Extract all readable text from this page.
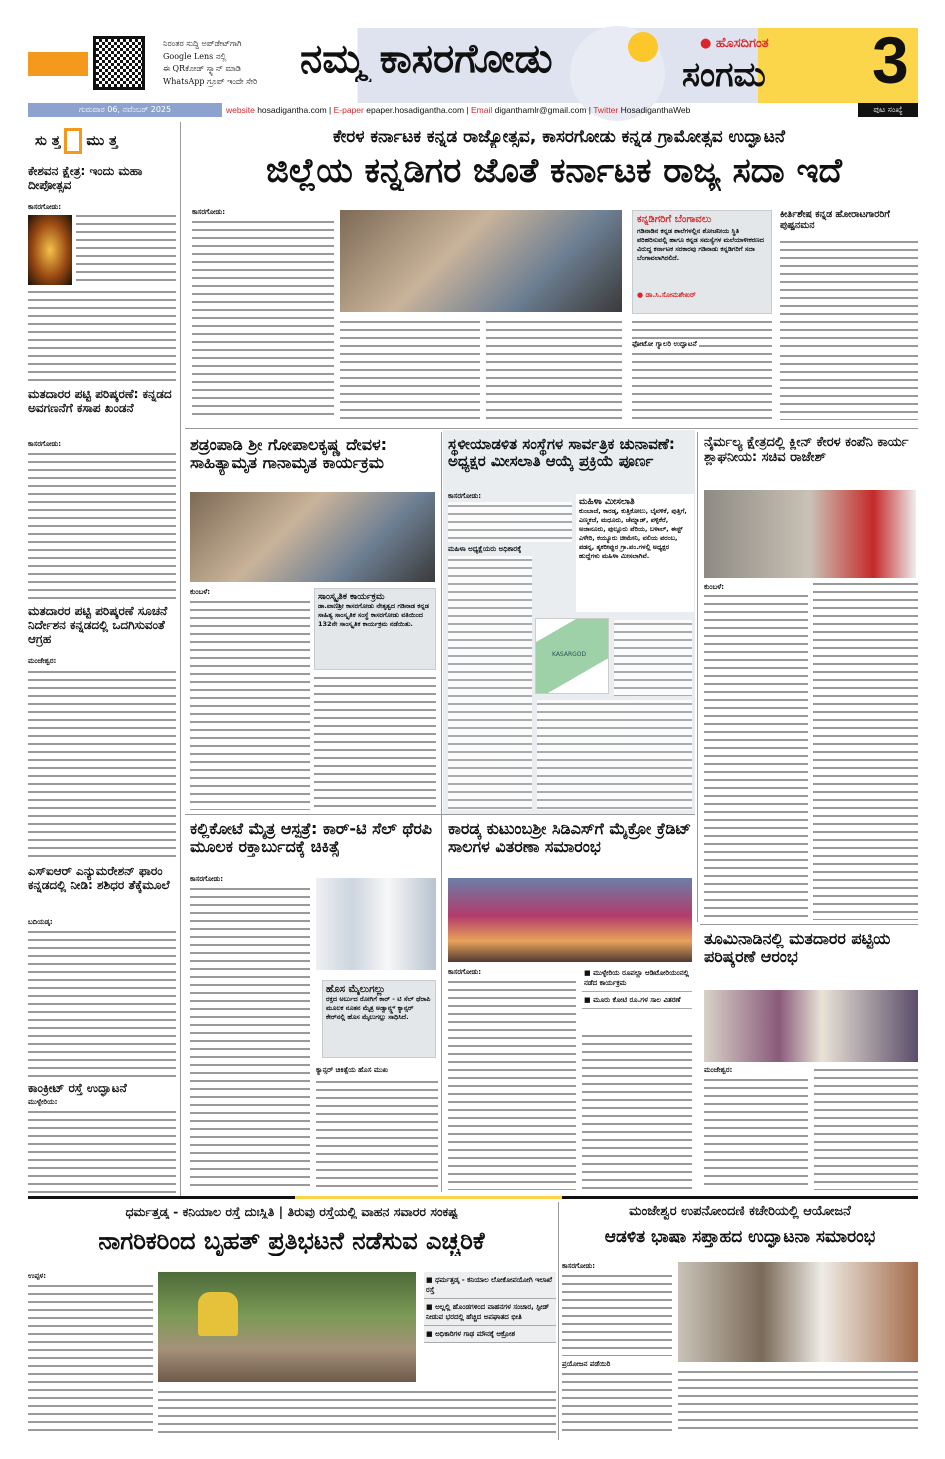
ನಿರಂತರ ಸುದ್ದಿ ಅಪ್‌ಡೇಟ್‌ಗಾಗಿ
Google Lens ನಲ್ಲಿ
ಈ QRಕೋಡ್ ಸ್ಕ್ಯಾನ್ ಮಾಡಿ
WhatsApp ಗ್ರೂಪ್ ಇಂದೇ ಸೇರಿ ನಮ್ಮ ಕಾಸರಗೋಡು	● ಹೊಸದಿಗಂತ
ಸಂಗಮ	3
ಗುರುವಾರ 06, ನವೆಂಬರ್ 2025	website hosadigantha.com | E-paper epaper.hosadigantha.com | Email diganthamlr@gmail.com | Twitter HosadiganthaWeb	ಪುಟ ಸಂಖ್ಯೆ
ಸು ತ್ತ ಮು ತ್ತ
ಕೇಶವನ ಕ್ಷೇತ್ರ: ಇಂದು ಮಹಾ ದೀಪೋತ್ಸವ
ಕಾಸರಗೋಡು:
ಮತದಾರರ ಪಟ್ಟಿ ಪರಿಷ್ಕರಣೆ: ಕನ್ನಡದ ಅವಗಣನೆಗೆ ಕಸಾಪ ಖಂಡನೆ
ಕಾಸರಗೋಡು:
ಮತದಾರರ ಪಟ್ಟಿ ಪರಿಷ್ಕರಣೆ ಸೂಚನೆ ನಿರ್ದೇಶನ ಕನ್ನಡದಲ್ಲಿ ಒದಗಿಸುವಂತೆ ಆಗ್ರಹ
ಮಂಜೇಶ್ವರ:
ಎಸ್‌ಐಆರ್ ಎನ್ಯುಮರೇಶನ್ ಫಾರಂ ಕನ್ನಡದಲ್ಲಿ ನೀಡಿ: ಶಶಿಧರ ತೆಕ್ಕೆಮೂಲೆ
ಬದಿಯಡ್ಕ:
ಕಾಂಕ್ರೀಟ್ ರಸ್ತೆ ಉದ್ಘಾಟನೆ
ಮುಳ್ಳೇರಿಯ:
ಕೇರಳ ಕರ್ನಾಟಕ ಕನ್ನಡ ರಾಜ್ಯೋತ್ಸವ, ಕಾಸರಗೋಡು ಕನ್ನಡ ಗ್ರಾಮೋತ್ಸವ ಉದ್ಘಾಟನೆ
ಜಿಲ್ಲೆಯ ಕನ್ನಡಿಗರ ಜೊತೆ ಕರ್ನಾಟಕ ರಾಜ್ಯ ಸದಾ ಇದೆ
ಕಾಸರಗೋಡು:
ಕನ್ನಡಿಗರಿಗೆ ಬೆಂಗಾವಲು
ಗಡಿನಾಡಿನ ಕನ್ನಡ ಶಾಲೆಗಳಲ್ಲಿನ ಶೋಚನೀಯ ಸ್ಥಿತಿ ಪರಿಹರಿಸುವಲ್ಲಿ ಹಾಗೂ ಕನ್ನಡ ಸಮಸ್ಯೆಗಳ ಮಲೆಯಾಳೀಕರಣದ ವಿರುದ್ಧ ಕರ್ನಾಟಕ ಸರಕಾರವು ಗಡಿನಾಡು ಕನ್ನಡಿಗರಿಗೆ ಸದಾ ಬೆಂಗಾವಲಾಗಿರಲಿದೆ.
● ಡಾ.ಸಿ.ಸೋಮಶೇಖರ್
ಕೀರ್ತಿಶೇಷ ಕನ್ನಡ ಹೋರಾಟಗಾರರಿಗೆ ಪುಷ್ಪನಮನ
ಫೋಟೋ ಗ್ಯಾಲರಿ ಉದ್ಘಾಟನೆ
ಶಡ್ರಂಪಾಡಿ ಶ್ರೀ ಗೋಪಾಲಕೃಷ್ಣ ದೇವಳ: ಸಾಹಿತ್ಯಾಮೃತ ಗಾನಾಮೃತ ಕಾರ್ಯಕ್ರಮ
ಕುಂಬಳೆ:	ಸಾಂಸ್ಕೃತಿಕ ಕಾರ್ಯಕ್ರಮ
ಡಾ.ವಾಣಿಶ್ರೀ ಕಾಸರಗೋಡು ನೇತೃತ್ವದ ಗಡಿನಾಡ ಕನ್ನಡ ಸಾಹಿತ್ಯ ಸಾಂಸ್ಕೃತಿಕ ಸಂಸ್ಥೆ ಕಾಸರಗೋಡು ವತಿಯಿಂದ 132ನೇ ಸಾಂಸ್ಕೃತಿಕ ಕಾರ್ಯಕ್ರಮ ನಡೆಯಿತು.
ಸ್ಥಳೀಯಾಡಳಿತ ಸಂಸ್ಥೆಗಳ ಸಾರ್ವತ್ರಿಕ ಚುನಾವಣೆ: ಅಧ್ಯಕ್ಷರ ಮೀಸಲಾತಿ ಆಯ್ಕೆ ಪ್ರಕ್ರಿಯೆ ಪೂರ್ಣ
ಕಾಸರಗೋಡು:
ಮಹಿಳಾ ಅಧ್ಯಕ್ಷೆಯರು ಅಧಿಕಾರಕ್ಕೆ
ಮಹಿಳಾ ಮೀಸಲಾತಿ
ಕುಂಬಾಜೆ, ಕಾರಡ್ಕ, ಕುತ್ತಿಕೋಲು, ಬೈವಳಿಕೆ, ಪುತ್ತಿಗೆ, ಎಣ್ಮಕಜೆ, ಮಧೂರು, ಚೆಮ್ನಾಡ್, ಪಳ್ಳಿಕೆರೆ, ಅಜಾನೂರು, ಪುಲ್ಲೂರು ಪೆರಿಯ, ಬಳಾಲ್, ಈಸ್ಟ್ ಎಳೇರಿ, ಕಯ್ಯೂರು ಚೀಮೇನಿ, ವಲಿಯ ಪರಂಬ, ಪಡನ್ನ, ತೃಕರೀಪ್ಪುರ ಗ್ರಾ.ಪಂ.ಗಳಲ್ಲಿ ಅಧ್ಯಕ್ಷರ ಹುದ್ದೆಗಳು ಮಹಿಳಾ ಮೀಸಲಾಗಿವೆ.
KASARGOD
ನೈರ್ಮಲ್ಯ ಕ್ಷೇತ್ರದಲ್ಲಿ ಕ್ಲೀನ್ ಕೇರಳ ಕಂಪೆನಿ ಕಾರ್ಯ ಶ್ಲಾಘನೀಯ: ಸಚಿವ ರಾಜೇಶ್
ಕುಂಬಳೆ:
ಕಲ್ಲಿಕೋಟೆ ಮೈತ್ರ ಆಸ್ಪತ್ರೆ: ಕಾರ್-ಟಿ ಸೆಲ್ ಥೆರಪಿ ಮೂಲಕ ರಕ್ತಾರ್ಬುದಕ್ಕೆ ಚಿಕಿತ್ಸೆ
ಕಾಸರಗೋಡು:
ಹೊಸ ಮೈಲುಗಲ್ಲು
ರಕ್ತದ ಅರ್ಬುದ ರೋಗಿಗೆ ಕಾರ್ - ಟಿ ಸೆಲ್ ಥೆರಾಪಿ ಮೂಲಕ ನೂತನ ಮೈತ್ರ ಅಡ್ವಾನ್ಸ್ಡ್ ಕ್ಯಾನ್ಸರ್ ಕೇರ್‌ನಲ್ಲಿ ಹೊಸ ಮೈಲುಗಲ್ಲು ಸಾಧಿಸಿದೆ.
ಕ್ಯಾನ್ಸರ್ ಚಿಕಿತ್ಸೆಯ ಹೊಸ ಮುಖ
ಕಾರಡ್ಕ ಕುಟುಂಬಶ್ರೀ ಸಿಡಿಎಸ್‌ಗೆ ಮೈಕ್ರೋ ಕ್ರೆಡಿಟ್ ಸಾಲಗಳ ವಿತರಣಾ ಸಮಾರಂಭ
ಕಾಸರಗೋಡು:	■ ಮುಳ್ಳೇರಿಯ ರೂಪಲ್ಲಾ ಆಡಿಟೋರಿಯಂನಲ್ಲಿ ನಡೆದ ಕಾರ್ಯಕ್ರಮ
■ ಮೂರು ಕೋಟಿ ರೂ.ಗಳ ಸಾಲ ವಿತರಣೆ
ತೂಮಿನಾಡಿನಲ್ಲಿ ಮತದಾರರ ಪಟ್ಟಿಯ ಪರಿಷ್ಕರಣೆ ಆರಂಭ
ಮಂಜೇಶ್ವರ:
ಧರ್ಮತ್ತಡ್ಕ - ಕನಿಯಾಲ ರಸ್ತೆ ದುಃಸ್ಥಿತಿ | ತಿರುವು ರಸ್ತೆಯಲ್ಲಿ ವಾಹನ ಸವಾರರ ಸಂಕಷ್ಟ
ನಾಗರಿಕರಿಂದ ಬೃಹತ್ ಪ್ರತಿಭಟನೆ ನಡೆಸುವ ಎಚ್ಚರಿಕೆ
ಉಪ್ಪಳ:	■ ಧರ್ಮತ್ತಡ್ಕ - ಕನಿಯಾಲ ಲೋಕೋಪಯೋಗಿ ಇಲಾಖೆ ರಸ್ತೆ
■ ಅಲ್ಲಲ್ಲಿ ಹೊಂಡಗಳಿಂದ ವಾಹನಗಳ ಸಂಚಾರ, ಸ್ಪೀಡ್ ನೀಡುವ ಭರದಲ್ಲಿ ಹೆಚ್ಚಿದ ಅಪಘಾತದ ಭೀತಿ
■ ಅಧಿಕಾರಿಗಳ ಗಾಢ ಮೌನಕ್ಕೆ ಆಕ್ರೋಶ
ಮಂಜೇಶ್ವರ ಉಪನೋಂದಣಿ ಕಚೇರಿಯಲ್ಲಿ ಆಯೋಜನೆ
ಆಡಳಿತ ಭಾಷಾ ಸಪ್ತಾಹದ ಉದ್ಘಾಟನಾ ಸಮಾರಂಭ
ಕಾಸರಗೋಡು:
ಪ್ರಯೋಜನ ಪಡೆಯಿರಿ
